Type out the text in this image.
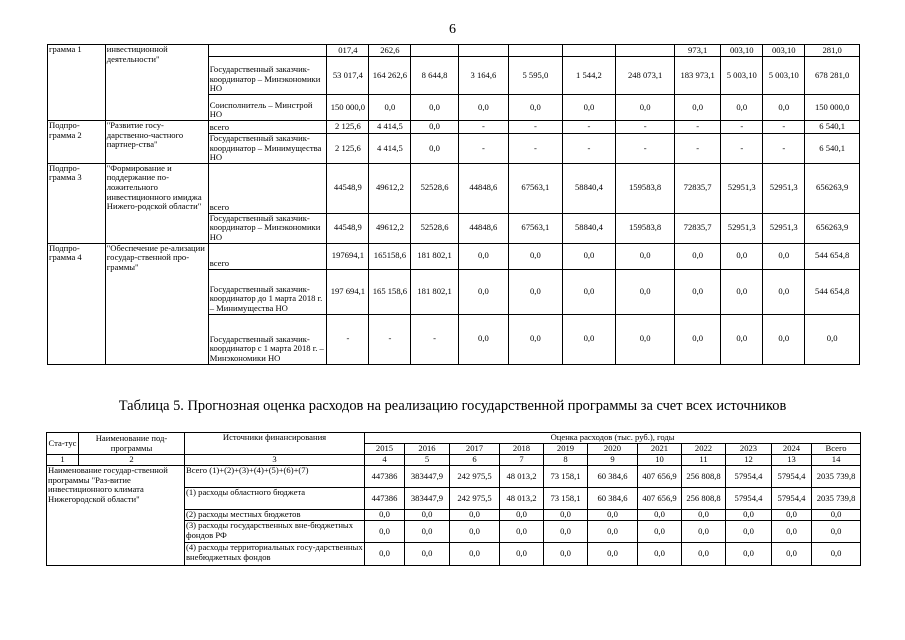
6
грамма 1	инвестиционной деятельности"		017,4	262,6						973,1	003,10	003,10	281,0
		Государственный заказчик-координатор – Минэкономики НО	53 017,4	164 262,6	8 644,8	3 164,6	5 595,0	1 544,2	248 073,1	183 973,1	5 003,10	5 003,10	678 281,0
		Соисполнитель – Минстрой НО	150 000,0	0,0	0,0	0,0	0,0	0,0	0,0	0,0	0,0	0,0	150 000,0
Подпро-грамма 2	"Развитие госу-дарственно-частного партнер-ства"	всего	2 125,6	4 414,5	0,0	-	-	-	-	-	-	-	6 540,1
		Государственный заказчик-координатор – Минимущества НО	2 125,6	4 414,5	0,0	-	-	-	-	-	-	-	6 540,1
Подпро-грамма 3	"Формирование и поддержание по-ложительного инвестиционного имиджа Нижего-родской области"	всего	44548,9	49612,2	52528,6	44848,6	67563,1	58840,4	159583,8	72835,7	52951,3	52951,3	656263,9
		Государственный заказчик-координатор – Минэкономики НО	44548,9	49612,2	52528,6	44848,6	67563,1	58840,4	159583,8	72835,7	52951,3	52951,3	656263,9
Подпро-грамма 4	"Обеспечение ре-ализации государ-ственной про-граммы"	всего	197694,1	165158,6	181 802,1	0,0	0,0	0,0	0,0	0,0	0,0	0,0	544 654,8
		Государственный заказчик-координатор до 1 марта 2018 г. – Минимущества НО	197 694,1	165 158,6	181 802,1	0,0	0,0	0,0	0,0	0,0	0,0	0,0	544 654,8
		Государственный заказчик-координатор с 1 марта 2018 г. – Минэкономики НО	-	-	-	0,0	0,0	0,0	0,0	0,0	0,0	0,0	0,0
Таблица 5. Прогнозная оценка расходов на реализацию государственной программы за счет всех источников
Ста-тус	Наименование под-программы	Источники финансирования	Оценка расходов (тыс. руб.), годы										
			2015	2016	2017	2018	2019	2020	2021	2022	2023	2024	Всего
1	2	3	4	5	6	7	8	9	10	11	12	13	14
Наименование государ-ственной программы "Раз-витие инвестиционного климата Нижегородской области"		Всего (1)+(2)+(3)+(4)+(5)+(6)+(7)	447386	383447,9	242 975,5	48 013,2	73 158,1	60 384,6	407 656,9	256 808,8	57954,4	57954,4	2035 739,8
		(1) расходы областного бюджета	447386	383447,9	242 975,5	48 013,2	73 158,1	60 384,6	407 656,9	256 808,8	57954,4	57954,4	2035 739,8
		(2) расходы местных бюджетов	0,0	0,0	0,0	0,0	0,0	0,0	0,0	0,0	0,0	0,0	0,0
		(3) расходы государственных вне-бюджетных фондов РФ	0,0	0,0	0,0	0,0	0,0	0,0	0,0	0,0	0,0	0,0	0,0
		(4) расходы территориальных госу-дарственных внебюджетных фондов	0,0	0,0	0,0	0,0	0,0	0,0	0,0	0,0	0,0	0,0	0,0
